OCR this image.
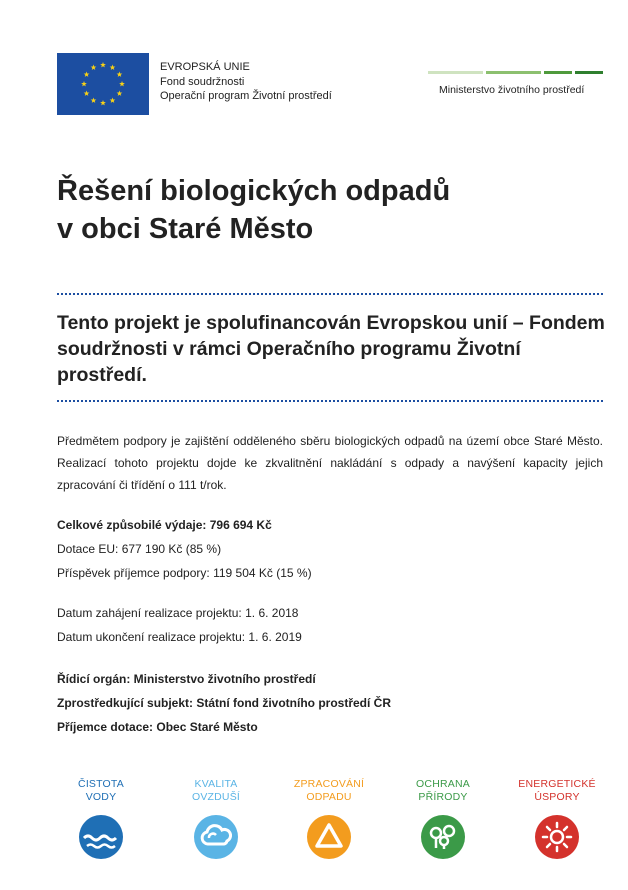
EVROPSKÁ UNIE
Fond soudržnosti
Operační program Životní prostředí	Ministerstvo životního prostředí
Řešení biologických odpadů
v obci Staré Město
Tento projekt je spolufinancován Evropskou unií – Fondem soudržnosti v rámci Operačního programu Životní prostředí.
Předmětem podpory je zajištění odděleného sběru biologických odpadů na území obce Staré Město. Realizací tohoto projektu dojde ke zkvalitnění nakládání s odpady a navýšení kapacity jejich zpracování či třídění o 111 t/rok.
Celkové způsobilé výdaje: 796 694 Kč
Dotace EU: 677 190 Kč (85 %)
Příspěvek příjemce podpory: 119 504 Kč (15 %)
Datum zahájení realizace projektu: 1. 6. 2018
Datum ukončení realizace projektu: 1. 6. 2019
Řídicí orgán: Ministerstvo životního prostředí
Zprostředkující subjekt: Státní fond životního prostředí ČR
Příjemce dotace: Obec Staré Město
ČISTOTA
VODY
KVALITA
OVZDUŠÍ
ZPRACOVÁNÍ
ODPADU
OCHRANA
PŘÍRODY
ENERGETICKÉ
ÚSPORY
